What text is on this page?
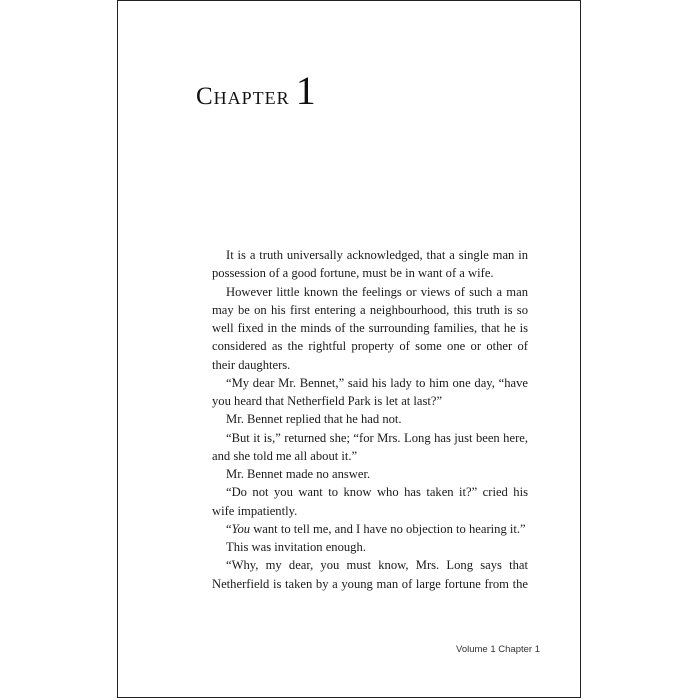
Chapter 1

It is a truth universally acknowledged, that a single man in possession of a good fortune, must be in want of a wife.

However little known the feelings or views of such a man may be on his first entering a neighbourhood, this truth is so well fixed in the minds of the surrounding families, that he is considered as the rightful property of some one or other of their daughters.

“My dear Mr. Bennet,” said his lady to him one day, “have you heard that Netherfield Park is let at last?”

Mr. Bennet replied that he had not.

“But it is,” returned she; “for Mrs. Long has just been here, and she told me all about it.”

Mr. Bennet made no answer.

“Do not you want to know who has taken it?” cried his wife impatiently.

“You want to tell me, and I have no objection to hearing it.”

This was invitation enough.

“Why, my dear, you must know, Mrs. Long says that Netherfield is taken by a young man of large fortune from the

Volume 1 Chapter 1
